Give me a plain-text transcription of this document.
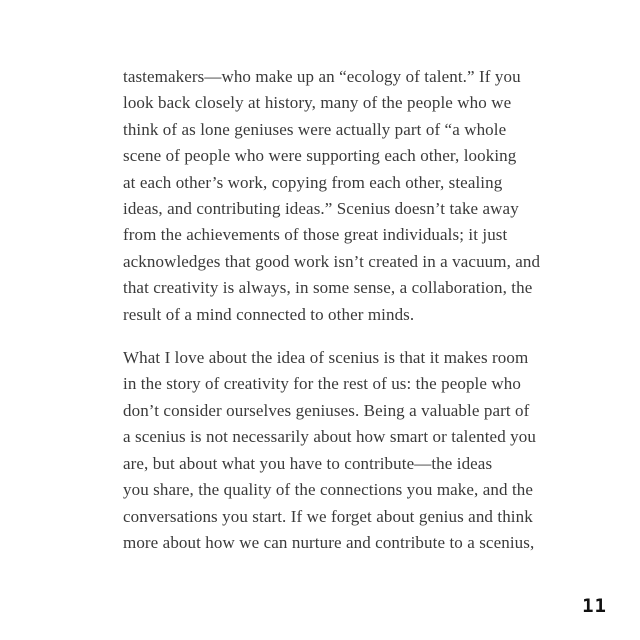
tastemakers—who make up an “ecology of talent.” If you
look back closely at history, many of the people who we
think of as lone geniuses were actually part of “a whole
scene of people who were supporting each other, looking
at each other’s work, copying from each other, stealing
ideas, and contributing ideas.” Scenius doesn’t take away
from the achievements of those great individuals; it just
acknowledges that good work isn’t created in a vacuum, and
that creativity is always, in some sense, a collaboration, the
result of a mind connected to other minds.
What I love about the idea of scenius is that it makes room
in the story of creativity for the rest of us: the people who
don’t consider ourselves geniuses. Being a valuable part of
a scenius is not necessarily about how smart or talented you
are, but about what you have to contribute—the ideas
you share, the quality of the connections you make, and the
conversations you start. If we forget about genius and think
more about how we can nurture and contribute to a scenius,
11
